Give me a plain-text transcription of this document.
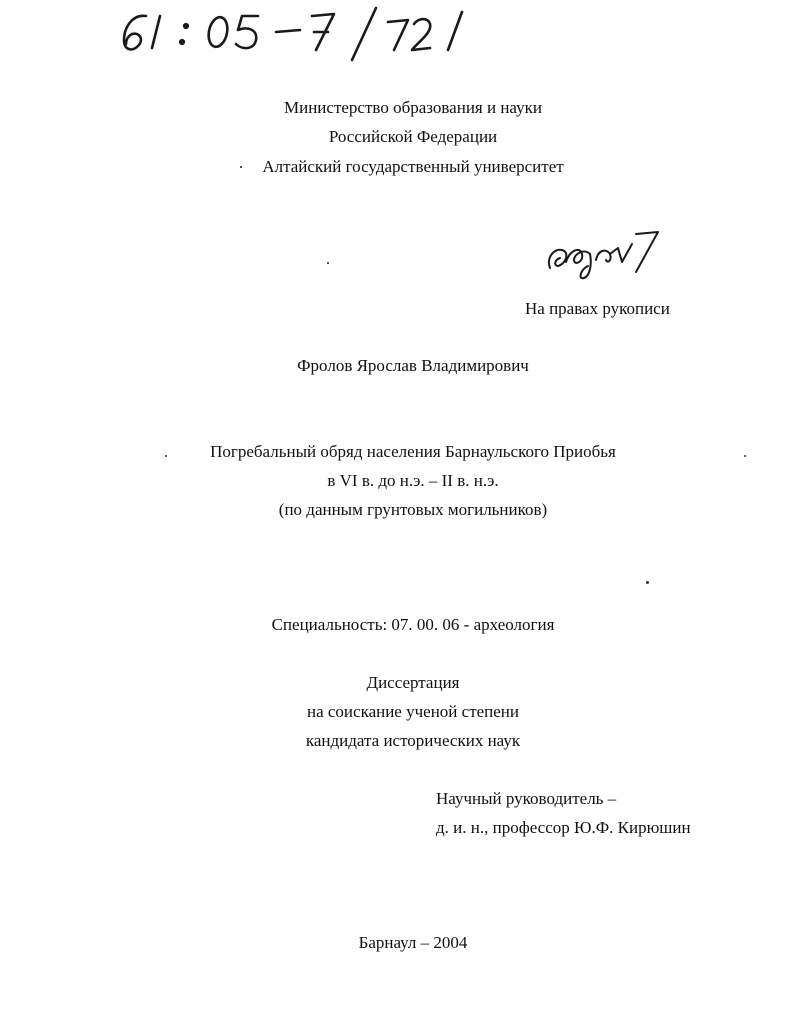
Министерство образования и науки
Российской Федерации
Алтайский государственный университет
На правах рукописи
Фролов Ярослав Владимирович
Погребальный обряд населения Барнаульского Приобья
в VI в. до н.э. – II в. н.э.
(по данным грунтовых могильников)
Специальность: 07. 00. 06 - археология
Диссертация
на соискание ученой степени
кандидата исторических наук
Научный руководитель –
д. и. н., профессор Ю.Ф. Кирюшин
Барнаул – 2004
